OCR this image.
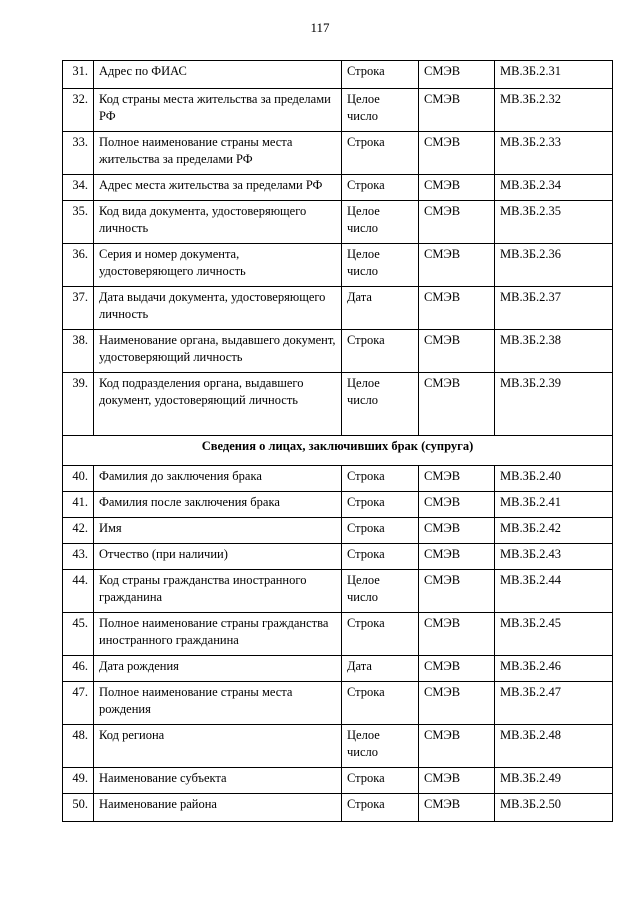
117
31.	Адрес по ФИАС	Строка	СМЭВ	МВ.ЗБ.2.31
32.	Код страны места жительства за пределами РФ	Целое число	СМЭВ	МВ.ЗБ.2.32
33.	Полное наименование страны места жительства за пределами РФ	Строка	СМЭВ	МВ.ЗБ.2.33
34.	Адрес места жительства за пределами РФ	Строка	СМЭВ	МВ.ЗБ.2.34
35.	Код вида документа, удостоверяющего личность	Целое число	СМЭВ	МВ.ЗБ.2.35
36.	Серия и номер документа, удостоверяющего личность	Целое число	СМЭВ	МВ.ЗБ.2.36
37.	Дата выдачи документа, удостоверяющего личность	Дата	СМЭВ	МВ.ЗБ.2.37
38.	Наименование органа, выдавшего документ, удостоверяющий личность	Строка	СМЭВ	МВ.ЗБ.2.38
39.	Код подразделения органа, выдавшего документ, удостоверяющий личность	Целое число	СМЭВ	МВ.ЗБ.2.39
Сведения о лицах, заключивших брак (супруга)				
40.	Фамилия до заключения брака	Строка	СМЭВ	МВ.ЗБ.2.40
41.	Фамилия после заключения брака	Строка	СМЭВ	МВ.ЗБ.2.41
42.	Имя	Строка	СМЭВ	МВ.ЗБ.2.42
43.	Отчество (при наличии)	Строка	СМЭВ	МВ.ЗБ.2.43
44.	Код страны гражданства иностранного гражданина	Целое число	СМЭВ	МВ.ЗБ.2.44
45.	Полное наименование страны гражданства иностранного гражданина	Строка	СМЭВ	МВ.ЗБ.2.45
46.	Дата рождения	Дата	СМЭВ	МВ.ЗБ.2.46
47.	Полное наименование страны места рождения	Строка	СМЭВ	МВ.ЗБ.2.47
48.	Код региона	Целое число	СМЭВ	МВ.ЗБ.2.48
49.	Наименование субъекта	Строка	СМЭВ	МВ.ЗБ.2.49
50.	Наименование района	Строка	СМЭВ	МВ.ЗБ.2.50
